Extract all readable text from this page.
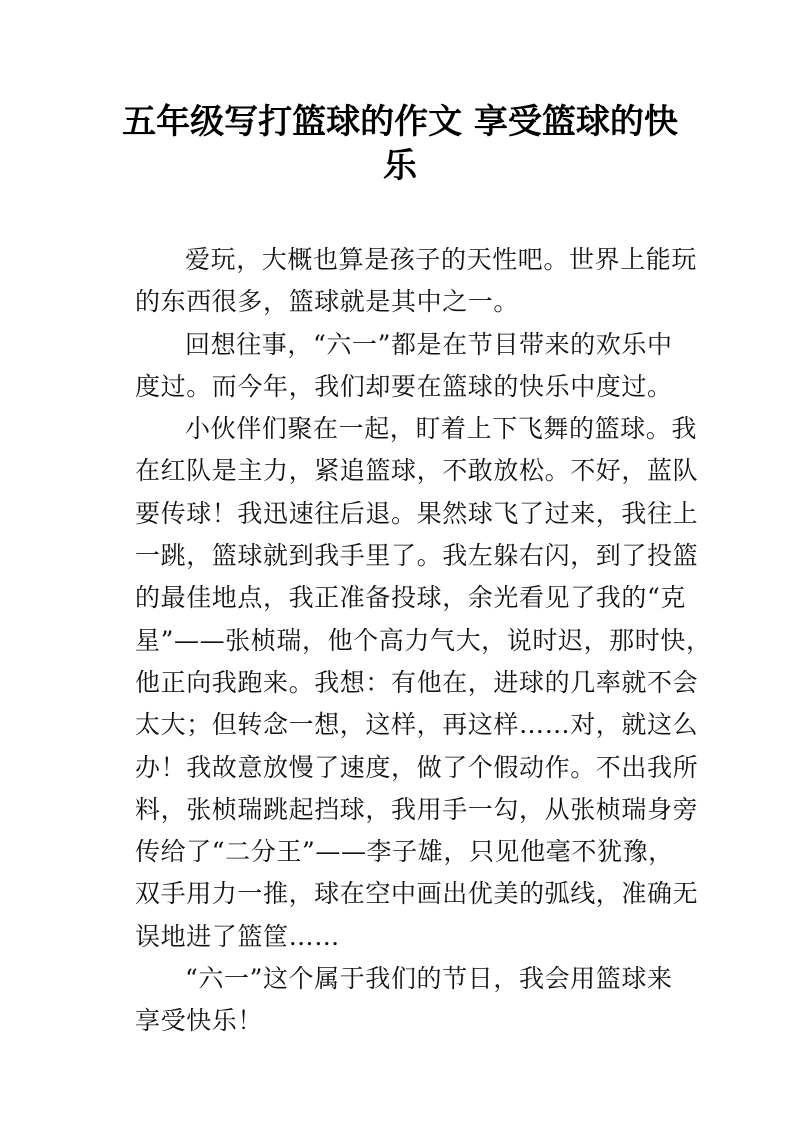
五年级写打篮球的作文 享受篮球的快
乐
爱玩，大概也算是孩子的天性吧。世界上能玩
的东西很多，篮球就是其中之一。
回想往事，“六一”都是在节目带来的欢乐中
度过。而今年，我们却要在篮球的快乐中度过。
小伙伴们聚在一起，盯着上下飞舞的篮球。我
在红队是主力，紧追篮球，不敢放松。不好，蓝队
要传球！我迅速往后退。果然球飞了过来，我往上
一跳，篮球就到我手里了。我左躲右闪，到了投篮
的最佳地点，我正准备投球，余光看见了我的“克
星”——张桢瑞，他个高力气大，说时迟，那时快，
他正向我跑来。我想：有他在，进球的几率就不会
太大；但转念一想，这样，再这样……对，就这么
办！我故意放慢了速度，做了个假动作。不出我所
料，张桢瑞跳起挡球，我用手一勾，从张桢瑞身旁
传给了“二分王”——李子雄，只见他毫不犹豫，
双手用力一推，球在空中画出优美的弧线，准确无
误地进了篮筐……
“六一”这个属于我们的节日，我会用篮球来
享受快乐！
